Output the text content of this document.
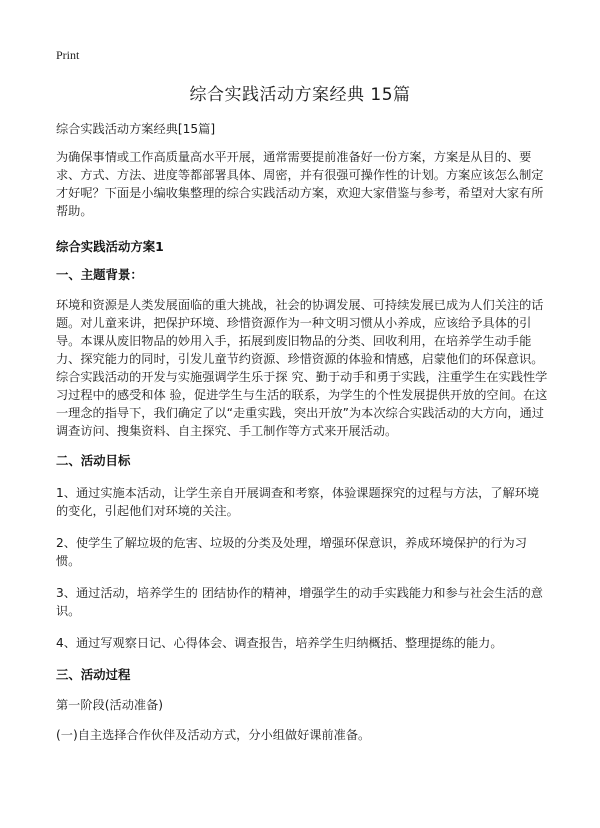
Print
综合实践活动方案经典 15篇

综合实践活动方案经典[15篇]

为确保事情或工作高质量高水平开展，通常需要提前准备好一份方案，方案是从目的、要求、方式、方法、进度等都部署具体、周密，并有很强可操作性的计划。方案应该怎么制定才好呢？下面是小编收集整理的综合实践活动方案，欢迎大家借鉴与参考，希望对大家有所帮助。

综合实践活动方案1

一、主题背景：

环境和资源是人类发展面临的重大挑战，社会的协调发展、可持续发展已成为人们关注的话题。对儿童来讲，把保护环境、珍惜资源作为一种文明习惯从小养成，应该给予具体的引导。本课从废旧物品的妙用入手，拓展到废旧物品的分类、回收利用，在培养学生动手能力、探究能力的同时，引发儿童节约资源、珍惜资源的体验和情感，启蒙他们的环保意识。综合实践活动的开发与实施强调学生乐于探 究、勤于动手和勇于实践，注重学生在实践性学习过程中的感受和体 验，促进学生与生活的联系，为学生的个性发展提供开放的空间。在这一理念的指导下，我们确定了以“走重实践，突出开放”为本次综合实践活动的大方向，通过调查访问、搜集资料、自主探究、手工制作等方式来开展活动。

二、活动目标

1、通过实施本活动，让学生亲自开展调查和考察，体验课题探究的过程与方法，了解环境的变化，引起他们对环境的关注。

2、使学生了解垃圾的危害、垃圾的分类及处理，增强环保意识，养成环境保护的行为习惯。

3、通过活动，培养学生的 团结协作的精神，增强学生的动手实践能力和参与社会生活的意识。

4、通过写观察日记、心得体会、调查报告，培养学生归纳概括、整理提练的能力。

三、活动过程

第一阶段(活动准备)

(一)自主选择合作伙伴及活动方式，分小组做好课前准备。
